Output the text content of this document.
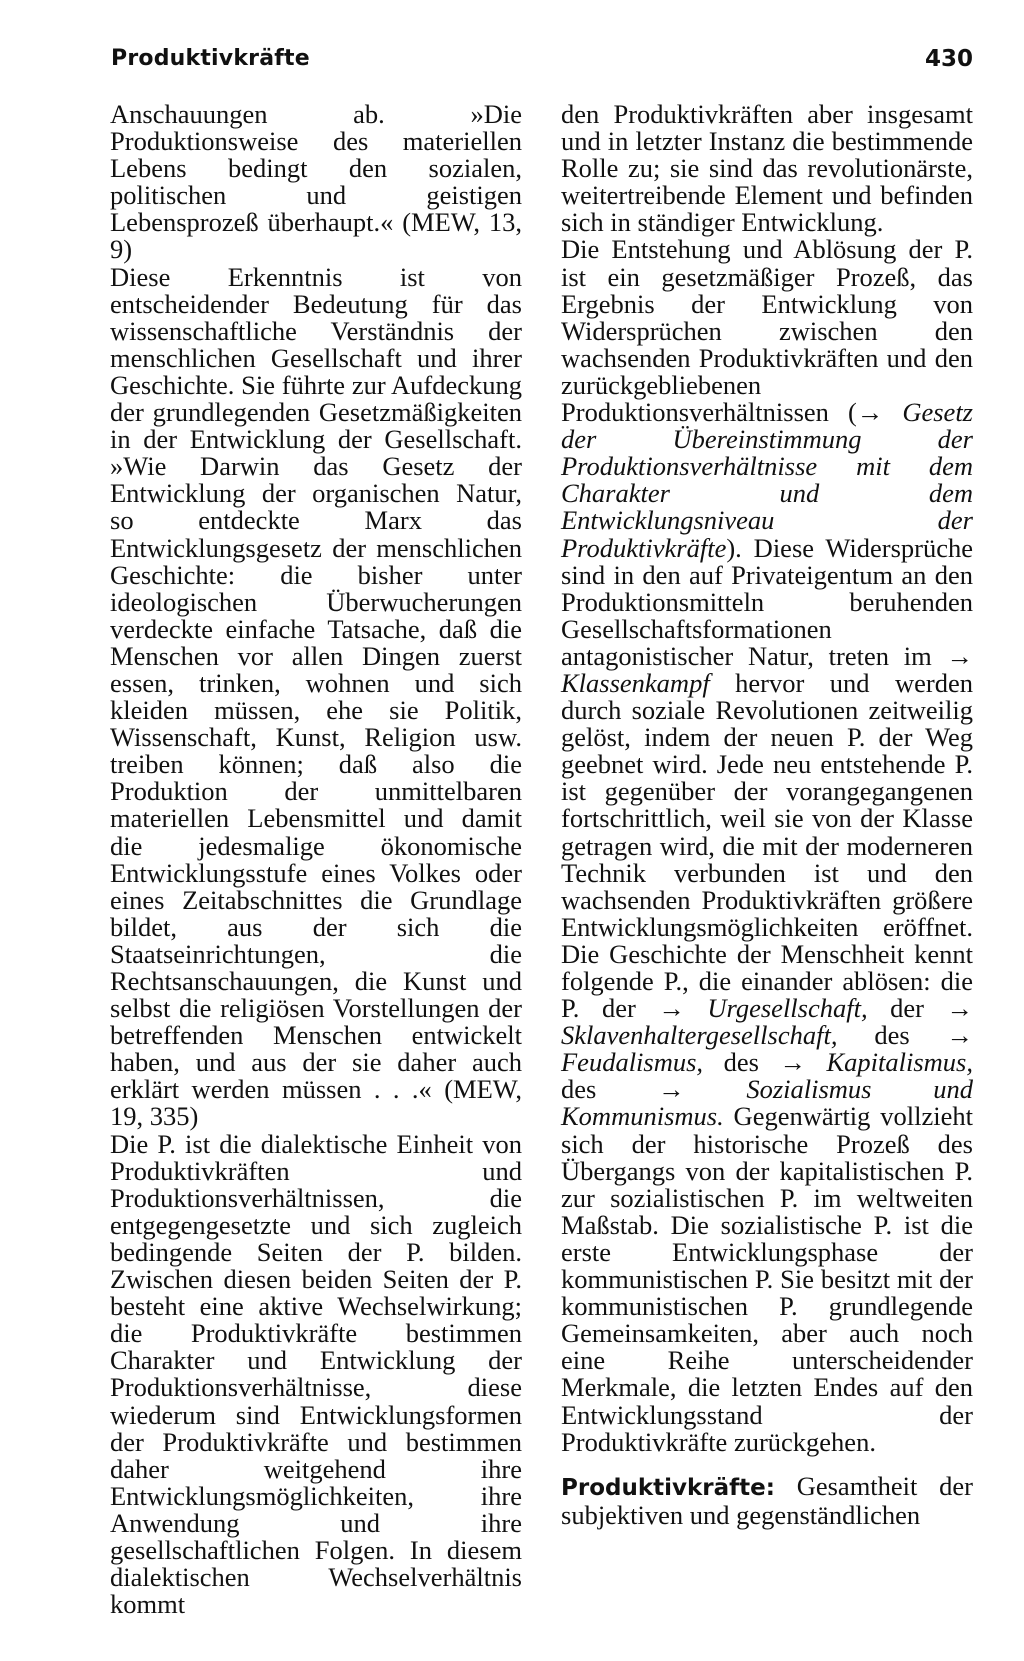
Produktivkräfte	430

Anschauungen ab. »Die Produktionsweise des materiellen Lebens bedingt den sozialen, politischen und geistigen Lebensprozeß überhaupt.« (MEW, 13, 9)

Diese Erkenntnis ist von entscheidender Bedeutung für das wissenschaftliche Verständnis der menschlichen Gesellschaft und ihrer Geschichte. Sie führte zur Aufdeckung der grundlegenden Gesetzmäßigkeiten in der Entwicklung der Gesellschaft. »Wie Darwin das Gesetz der Entwicklung der organischen Natur, so entdeckte Marx das Entwicklungsgesetz der menschlichen Geschichte: die bisher unter ideologischen Überwucherungen verdeckte einfache Tatsache, daß die Menschen vor allen Dingen zuerst essen, trinken, wohnen und sich kleiden müssen, ehe sie Politik, Wissenschaft, Kunst, Religion usw. treiben können; daß also die Produktion der unmittelbaren materiellen Lebensmittel und damit die jedesmalige ökonomische Entwicklungsstufe eines Volkes oder eines Zeitabschnittes die Grundlage bildet, aus der sich die Staatseinrichtungen, die Rechtsanschauungen, die Kunst und selbst die religiösen Vorstellungen der betreffenden Menschen entwickelt haben, und aus der sie daher auch erklärt werden müssen . . .« (MEW, 19, 335)

Die P. ist die dialektische Einheit von Produktivkräften und Produktionsverhältnissen, die entgegengesetzte und sich zugleich bedingende Seiten der P. bilden. Zwischen diesen beiden Seiten der P. besteht eine aktive Wechselwirkung; die Produktivkräfte bestimmen Charakter und Entwicklung der Produktionsverhältnisse, diese wiederum sind Entwicklungsformen der Produktivkräfte und bestimmen daher weitgehend ihre Entwicklungsmöglichkeiten, ihre Anwendung und ihre gesellschaftlichen Folgen. In diesem dialektischen Wechselverhältnis kommt

den Produktivkräften aber insgesamt und in letzter Instanz die bestimmende Rolle zu; sie sind das revolutionärste, weitertreibende Element und befinden sich in ständiger Entwicklung.

Die Entstehung und Ablösung der P. ist ein gesetzmäßiger Prozeß, das Ergebnis der Entwicklung von Widersprüchen zwischen den wachsenden Produktivkräften und den zurückgebliebenen Produktionsverhältnissen (→ Gesetz der Übereinstimmung der Produktionsverhältnisse mit dem Charakter und dem Entwicklungsniveau der Produktivkräfte). Diese Widersprüche sind in den auf Privateigentum an den Produktionsmitteln beruhenden Gesellschaftsformationen antagonistischer Natur, treten im → Klassenkampf hervor und werden durch soziale Revolutionen zeitweilig gelöst, indem der neuen P. der Weg geebnet wird. Jede neu entstehende P. ist gegenüber der vorangegangenen fortschrittlich, weil sie von der Klasse getragen wird, die mit der moderneren Technik verbunden ist und den wachsenden Produktivkräften größere Entwicklungsmöglichkeiten eröffnet. Die Geschichte der Menschheit kennt folgende P., die einander ablösen: die P. der → Urgesellschaft, der → Sklavenhaltergesellschaft, des → Feudalismus, des → Kapitalismus, des → Sozialismus und Kommunismus. Gegenwärtig vollzieht sich der historische Prozeß des Übergangs von der kapitalistischen P. zur sozialistischen P. im weltweiten Maßstab. Die sozialistische P. ist die erste Entwicklungsphase der kommunistischen P. Sie besitzt mit der kommunistischen P. grundlegende Gemeinsamkeiten, aber auch noch eine Reihe unterscheidender Merkmale, die letzten Endes auf den Entwicklungsstand der Produktivkräfte zurückgehen.

Produktivkräfte: Gesamtheit der subjektiven und gegenständlichen
